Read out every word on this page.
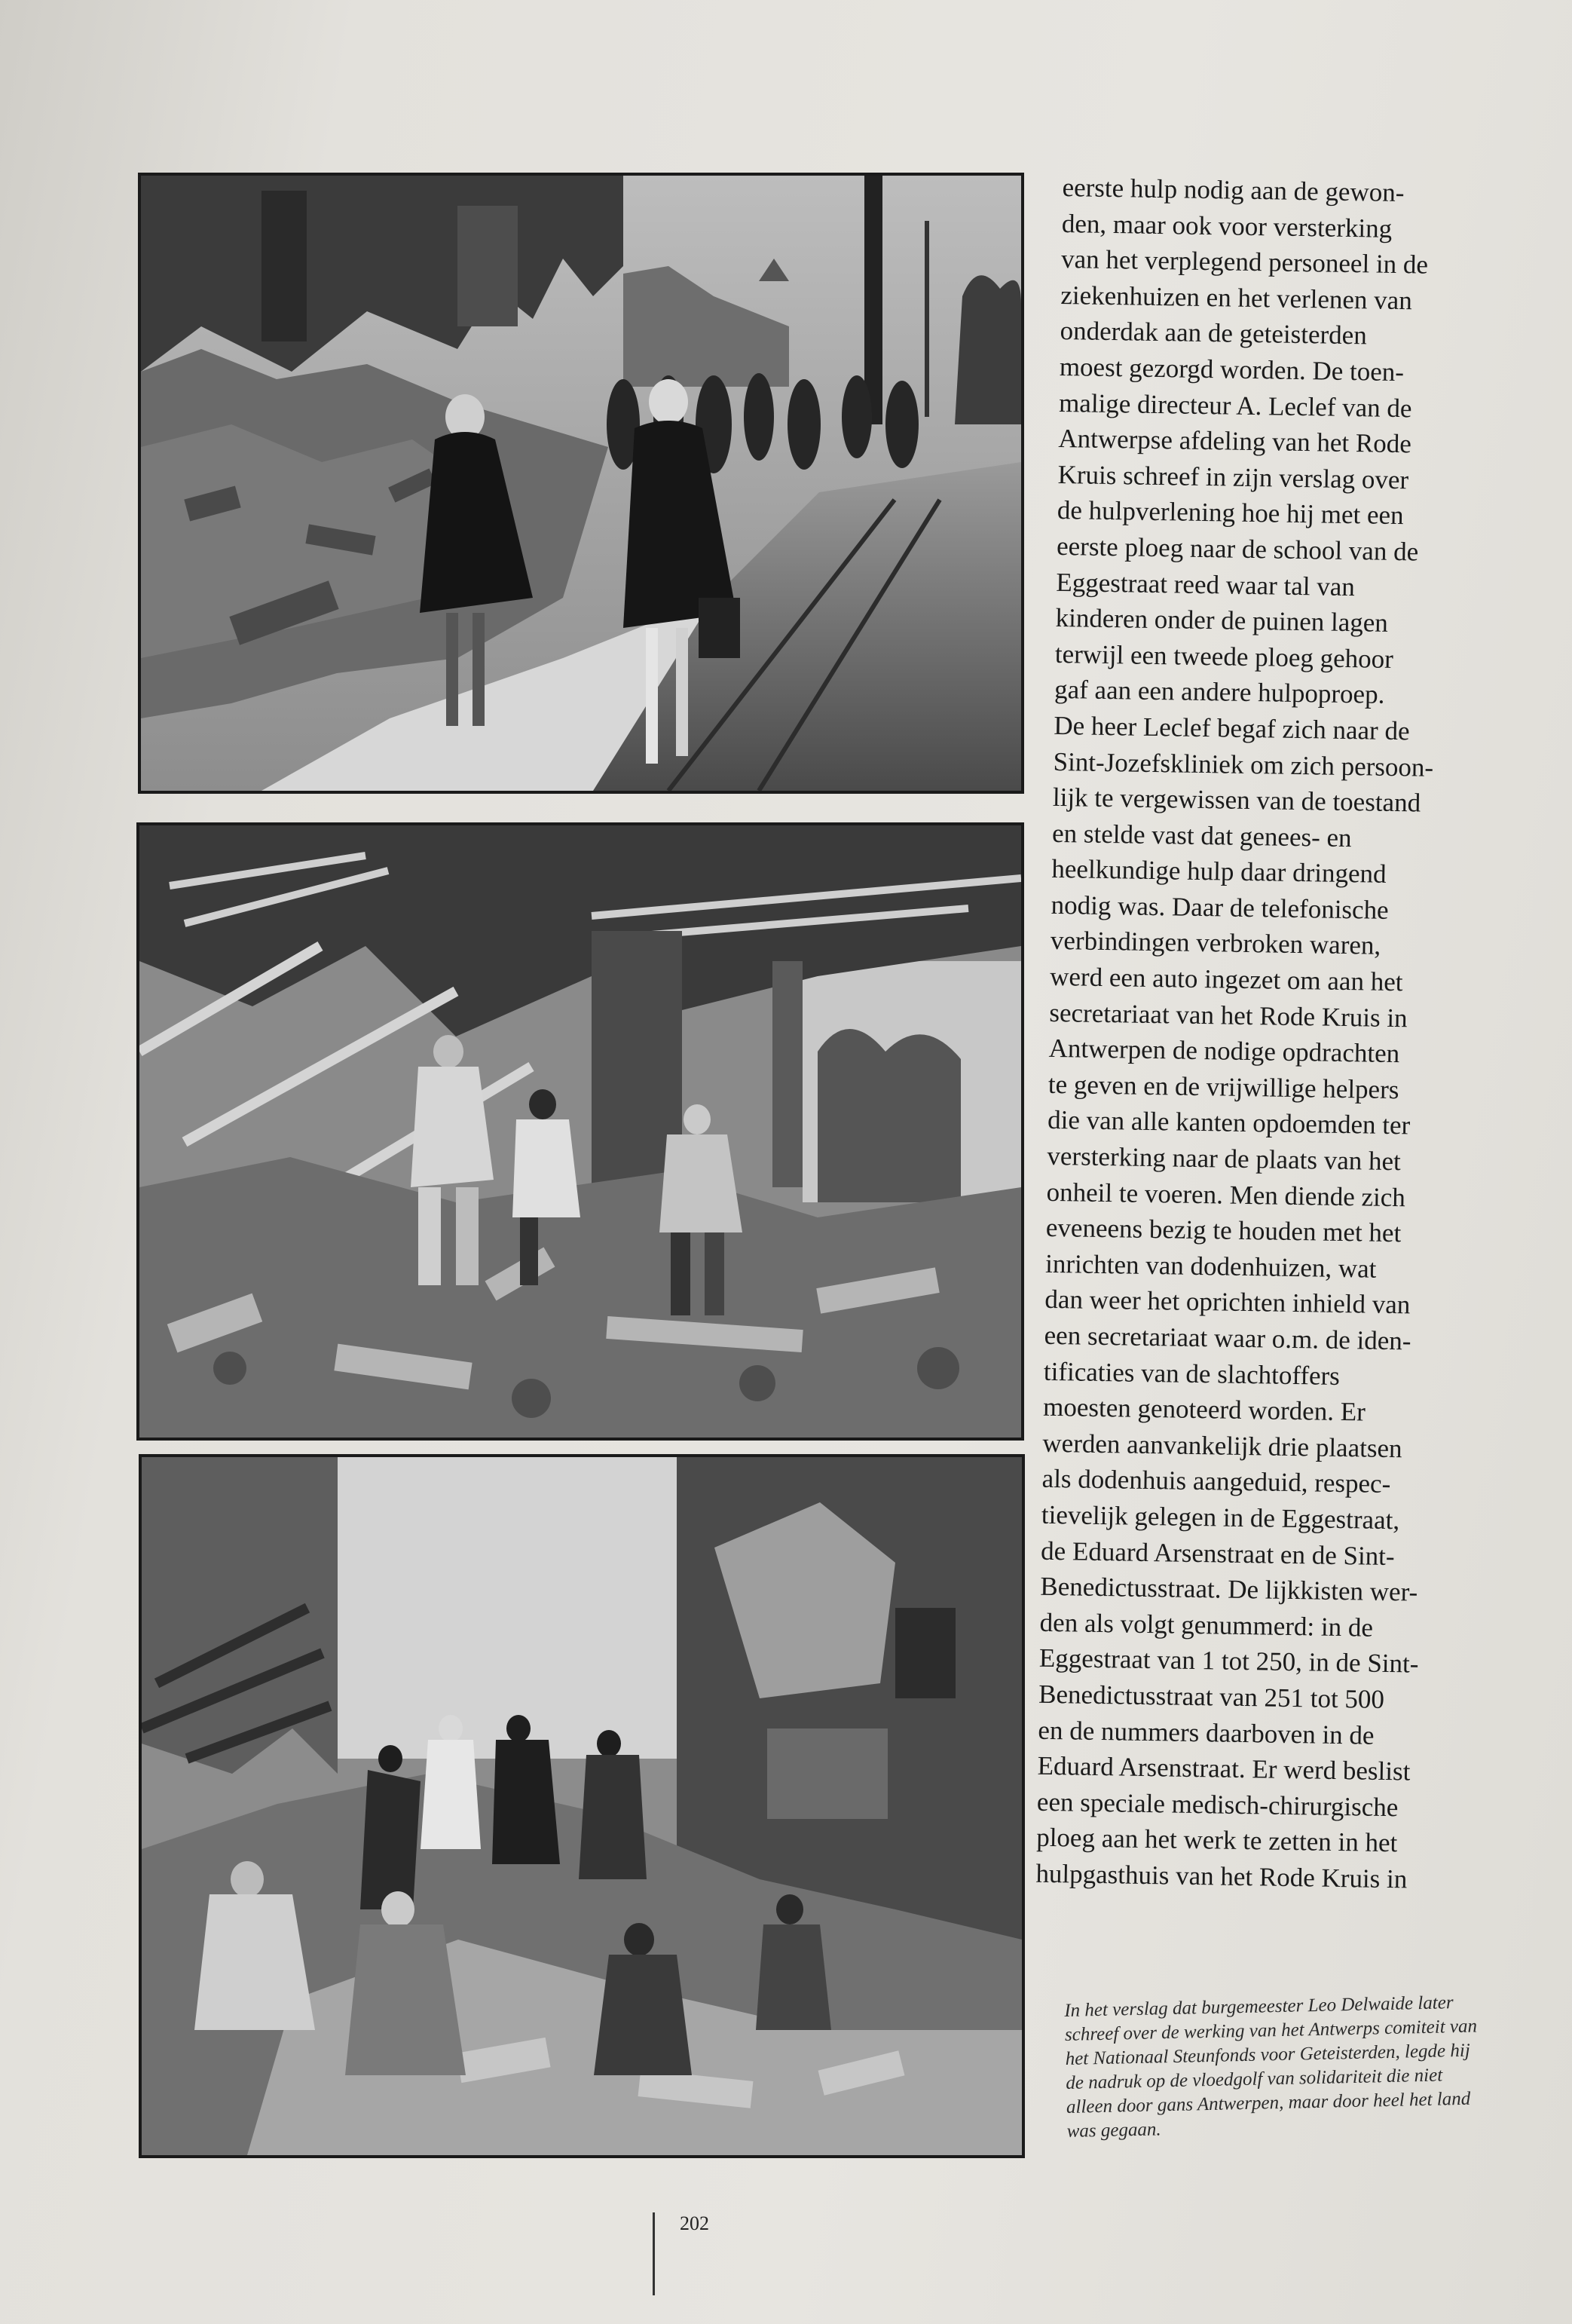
eerste hulp nodig aan de gewon-
den, maar ook voor versterking
van het verplegend personeel in de
ziekenhuizen en het verlenen van
onderdak aan de geteisterden
moest gezorgd worden. De toen-
malige directeur A. Leclef van de
Antwerpse afdeling van het Rode
Kruis schreef in zijn verslag over
de hulpverlening hoe hij met een
eerste ploeg naar de school van de
Eggestraat reed waar tal van
kinderen onder de puinen lagen
terwijl een tweede ploeg gehoor
gaf aan een andere hulpoproep.
De heer Leclef begaf zich naar de
Sint-Jozefskliniek om zich persoon-
lijk te vergewissen van de toestand
en stelde vast dat genees- en
heelkundige hulp daar dringend
nodig was. Daar de telefonische
verbindingen verbroken waren,
werd een auto ingezet om aan het
secretariaat van het Rode Kruis in
Antwerpen de nodige opdrachten
te geven en de vrijwillige helpers
die van alle kanten opdoemden ter
versterking naar de plaats van het
onheil te voeren. Men diende zich
eveneens bezig te houden met het
inrichten van dodenhuizen, wat
dan weer het oprichten inhield van
een secretariaat waar o.m. de iden-
tificaties van de slachtoffers
moesten genoteerd worden. Er
werden aanvankelijk drie plaatsen
als dodenhuis aangeduid, respec-
tievelijk gelegen in de Eggestraat,
de Eduard Arsenstraat en de Sint-
Benedictusstraat. De lijkkisten wer-
den als volgt genummerd: in de
Eggestraat van 1 tot 250, in de Sint-
Benedictusstraat van 251 tot 500
en de nummers daarboven in de
Eduard Arsenstraat. Er werd beslist
een speciale medisch-chirurgische
ploeg aan het werk te zetten in het
hulpgasthuis van het Rode Kruis in
In het verslag dat burgemeester Leo Delwaide later
schreef over de werking van het Antwerps comiteit van
het Nationaal Steunfonds voor Geteisterden, legde hij
de nadruk op de vloedgolf van solidariteit die niet
alleen door gans Antwerpen, maar door heel het land
was gegaan.
202
